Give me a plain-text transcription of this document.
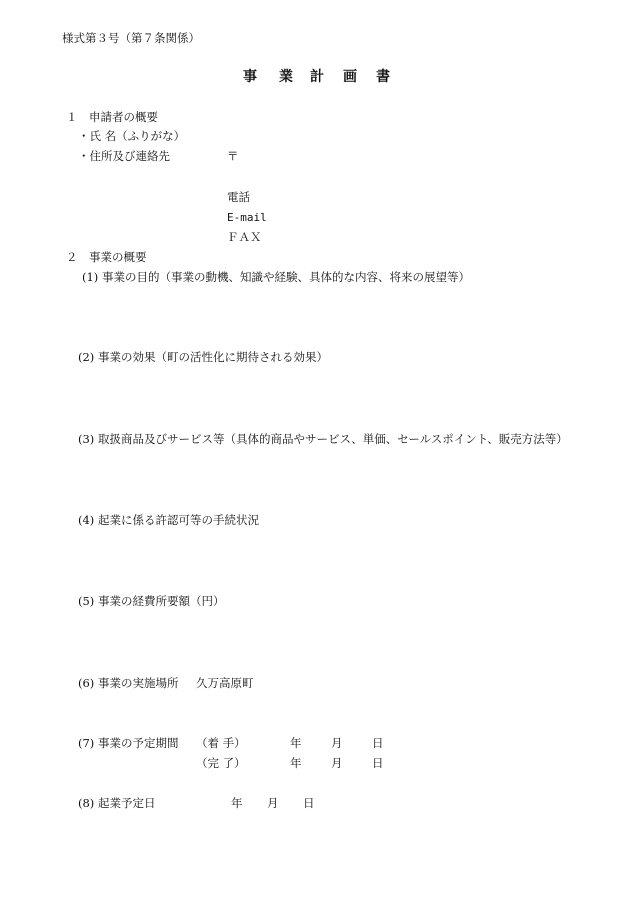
様式第３号（第７条関係）
事 業 計 画 書
１　申請者の概要
・氏 名（ふりがな）
・住所及び連絡先	〒
電話
E-mail
ＦＡＸ
２　事業の概要
(1) 事業の目的（事業の動機、知識や経験、具体的な内容、将来の展望等）
(2) 事業の効果（町の活性化に期待される効果）
(3) 取扱商品及びサービス等（具体的商品やサービス、単価、セールスポイント、販売方法等）
(4) 起業に係る許認可等の手続状況
(5) 事業の経費所要額（円）
(6) 事業の実施場所 久万高原町
(7) 事業の予定期間 （着 手）	年	月	日
（完 了）	年	月	日
(8) 起業予定日	年 月 日
